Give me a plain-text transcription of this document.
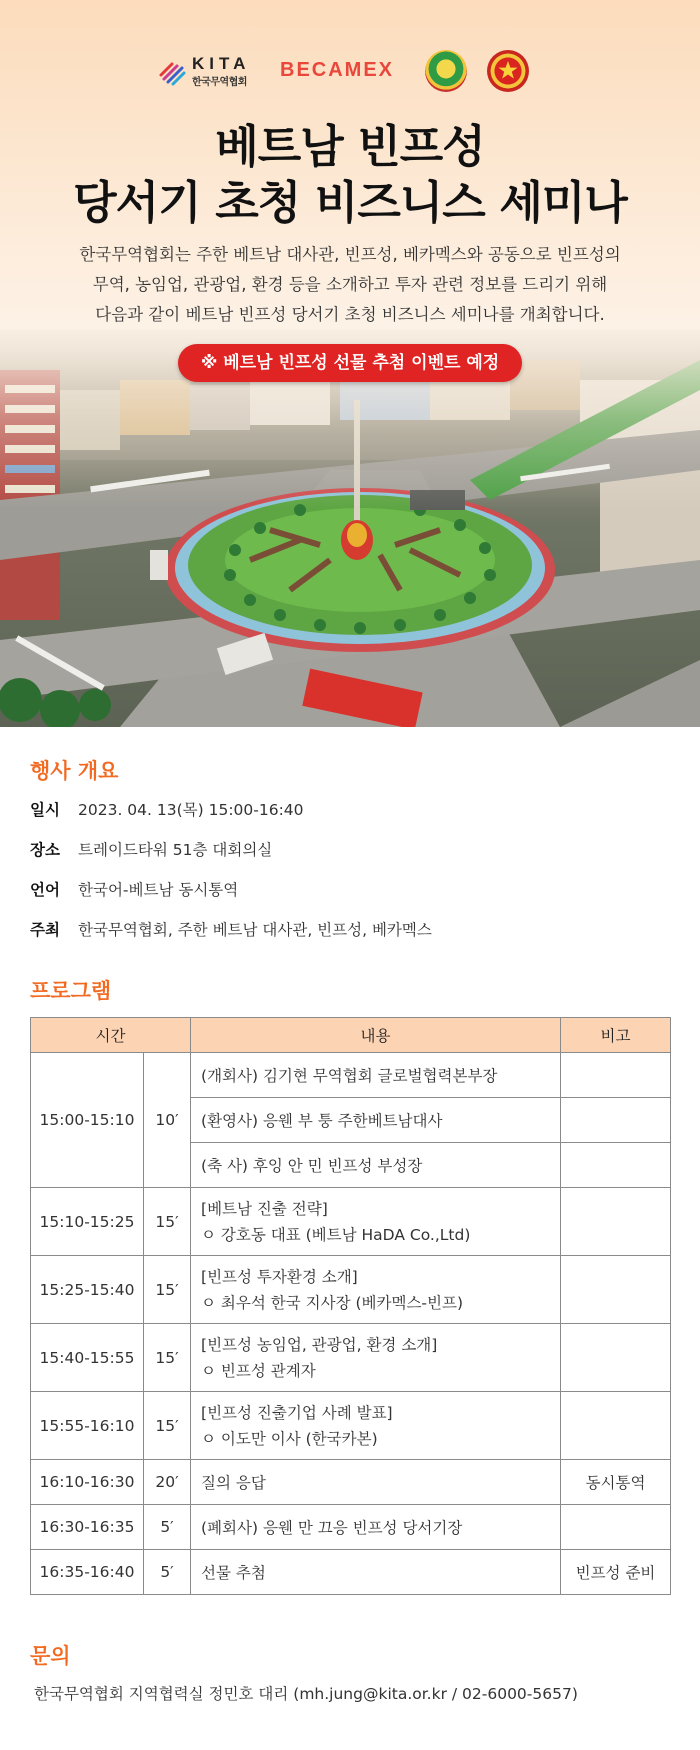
KITA
한국무역협회
BECAMEX
베트남 빈프성
당서기 초청 비즈니스 세미나
한국무역협회는 주한 베트남 대사관, 빈프성, 베카멕스와 공동으로 빈프성의
무역, 농임업, 관광업, 환경 등을 소개하고 투자 관련 정보를 드리기 위해
다음과 같이 베트남 빈프성 당서기 초청 비즈니스 세미나를 개최합니다.
※ 베트남 빈프성 선물 추첨 이벤트 예정
행사 개요
일시 2023. 04. 13(목) 15:00-16:40
장소 트레이드타워 51층 대회의실
언어 한국어-베트남 동시통역
주최 한국무역협회, 주한 베트남 대사관, 빈프성, 베카멕스
프로그램
시간		내용	비고
15:00-15:10	10′	(개회사) 김기현 무역협회 글로벌협력본부장	
		(환영사) 응웬 부 퉁 주한베트남대사	
		(축 사) 후잉 안 민 빈프성 부성장	
15:10-15:25	15′	[베트남 진출 전략]
ㅇ 강호동 대표 (베트남 HaDA Co.,Ltd)	

15:25-15:40	15′	[빈프성 투자환경 소개]
ㅇ 최우석 한국 지사장 (베카멕스-빈프)	

15:40-15:55	15′	[빈프성 농임업, 관광업, 환경 소개]
ㅇ 빈프성 관계자	

15:55-16:10	15′	[빈프성 진출기업 사례 발표]
ㅇ 이도만 이사 (한국카본)	

16:10-16:30	20′	질의 응답	동시통역
16:30-16:35	5′	(폐회사) 응웬 만 끄응 빈프성 당서기장	
16:35-16:40	5′	선물 추첨	빈프성 준비
문의
한국무역협회 지역협력실 정민호 대리 (mh.jung@kita.or.kr / 02-6000-5657)
